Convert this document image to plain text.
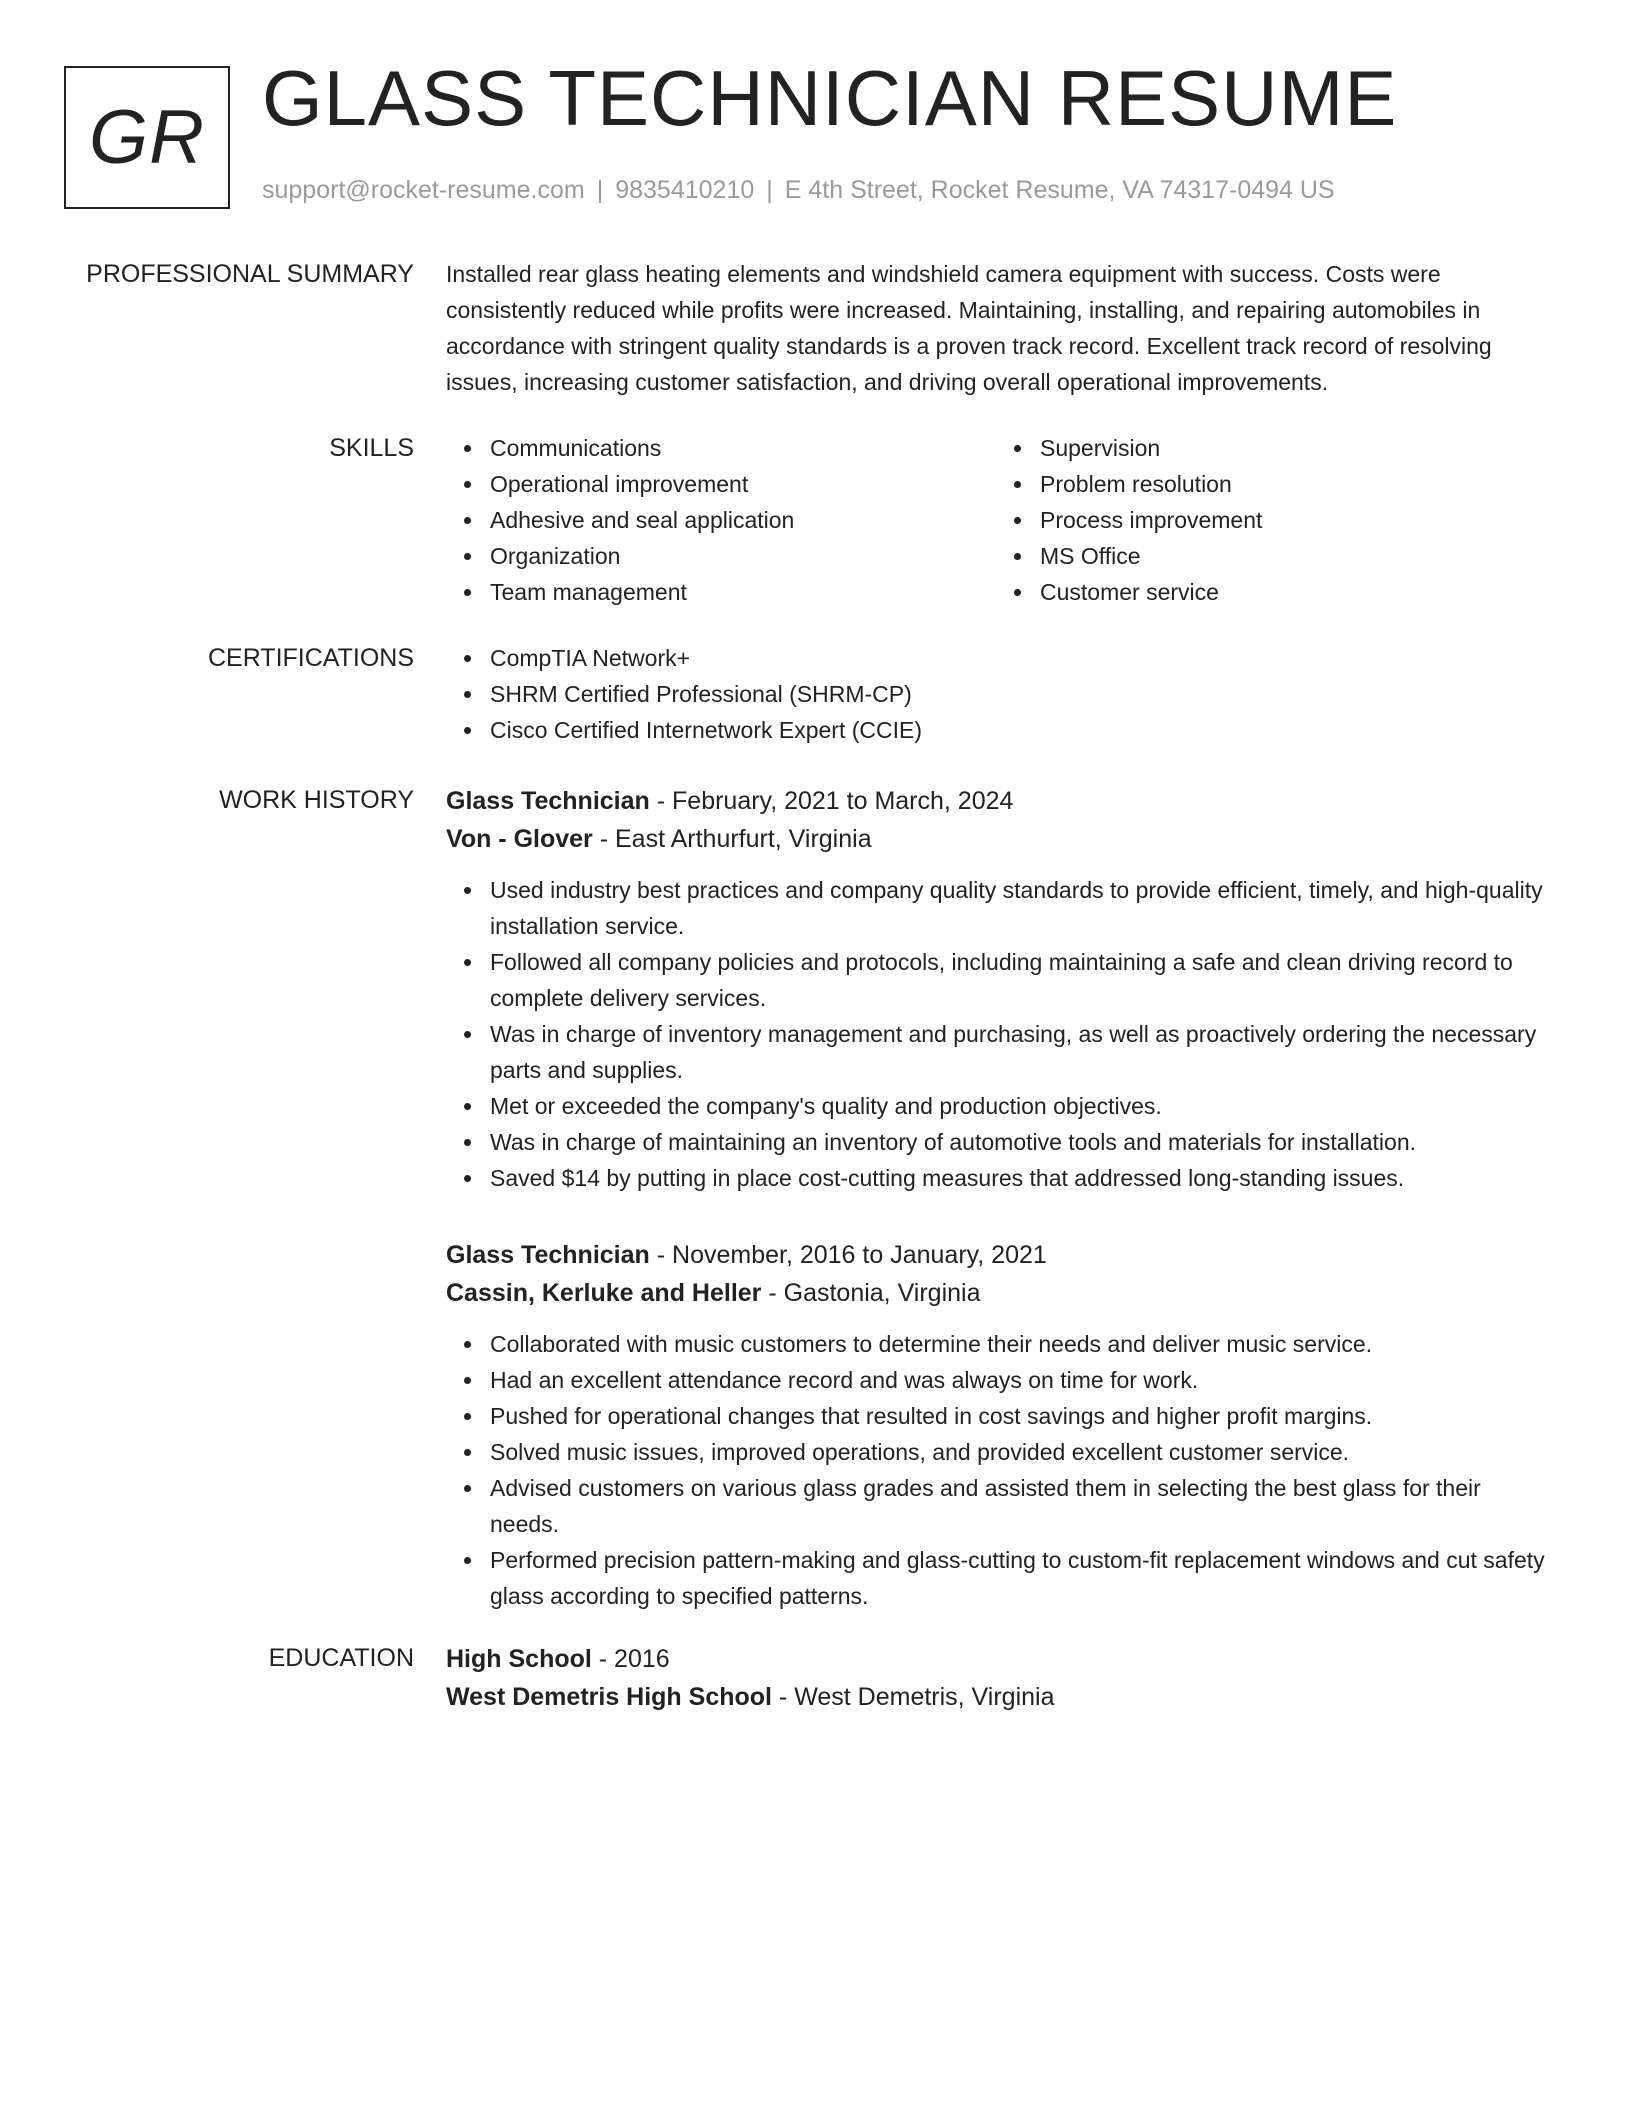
GR GLASS TECHNICIAN RESUME
support@rocket-resume.com | 9835410210 | E 4th Street, Rocket Resume, VA 74317-0494 US
PROFESSIONAL SUMMARY Installed rear glass heating elements and windshield camera equipment with success. Costs were consistently reduced while profits were increased. Maintaining, installing, and repairing automobiles in accordance with stringent quality standards is a proven track record. Excellent track record of resolving issues, increasing customer satisfaction, and driving overall operational improvements.
SKILLS	Communications
Operational improvement
Adhesive and seal application
Organization
Team management
Supervision
Problem resolution
Process improvement
MS Office
Customer service
CERTIFICATIONS	CompTIA Network+
SHRM Certified Professional (SHRM-CP)
Cisco Certified Internetwork Expert (CCIE)
WORK HISTORY Glass Technician - February, 2021 to March, 2024
Von - Glover - East Arthurfurt, Virginia
Used industry best practices and company quality standards to provide efficient, timely, and high-quality installation service.
Followed all company policies and protocols, including maintaining a safe and clean driving record to complete delivery services.
Was in charge of inventory management and purchasing, as well as proactively ordering the necessary parts and supplies.
Met or exceeded the company's quality and production objectives.
Was in charge of maintaining an inventory of automotive tools and materials for installation.
Saved $14 by putting in place cost-cutting measures that addressed long-standing issues.
Glass Technician - November, 2016 to January, 2021
Cassin, Kerluke and Heller - Gastonia, Virginia
Collaborated with music customers to determine their needs and deliver music service.
Had an excellent attendance record and was always on time for work.
Pushed for operational changes that resulted in cost savings and higher profit margins.
Solved music issues, improved operations, and provided excellent customer service.
Advised customers on various glass grades and assisted them in selecting the best glass for their needs.
Performed precision pattern-making and glass-cutting to custom-fit replacement windows and cut safety glass according to specified patterns.
EDUCATION High School - 2016
West Demetris High School - West Demetris, Virginia
